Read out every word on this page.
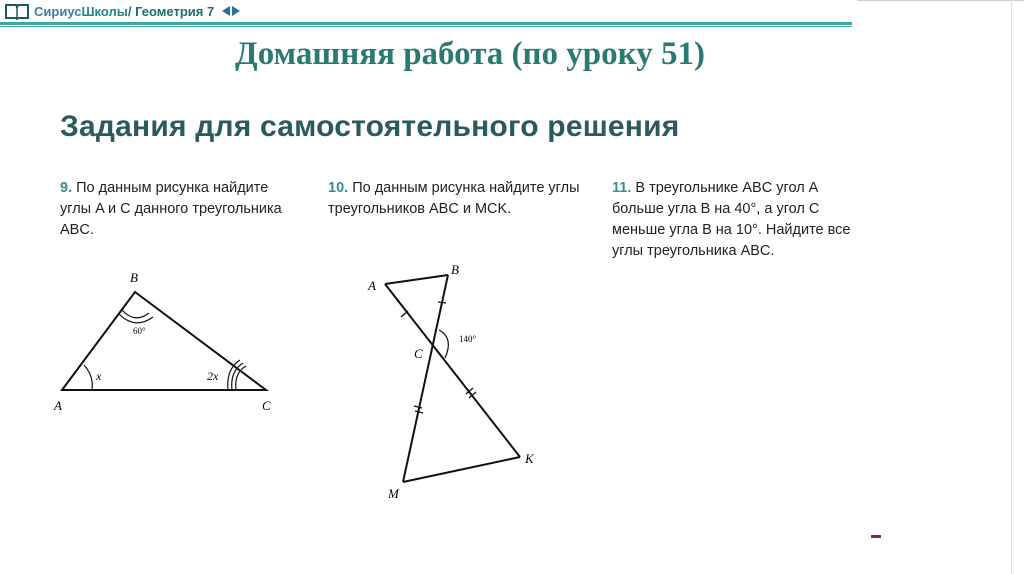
СириусШколы/ Геометрия 7
Домашняя работа (по уроку 51)
Задания для самостоятельного решения
9. По данным рисунка найдите углы A и C данного треугольника ABC.
10. По данным рисунка найдите углы треугольников ABC и MCK.
11. В треугольнике ABC угол A больше угла B на 40°, а угол C меньше угла B на 10°. Найдите все углы треугольника ABC.
B
A	C
60°
x	2x
A
B
C
K
M
140°
